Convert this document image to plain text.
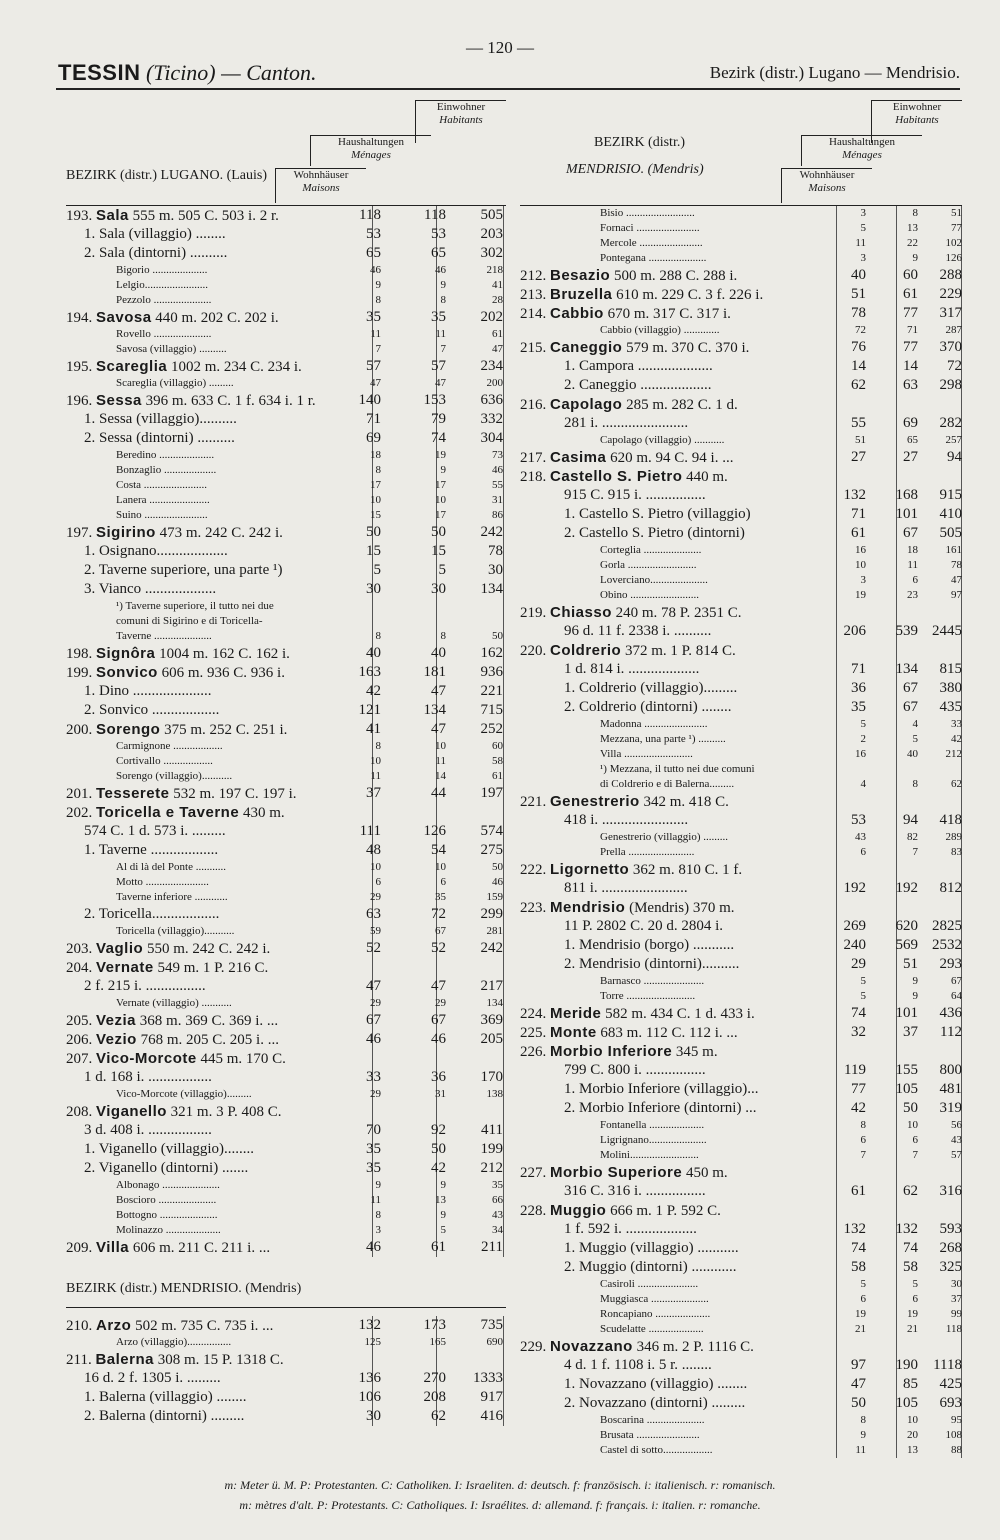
— 120 —
TESSIN (Ticino) — Canton.	Bezirk (distr.) Lugano — Mendrisio.
Einwohner
Habitants
Haushaltungen
Ménages
Wohnhäuser
Maisons
BEZIRK (distr.) LUGANO. (Lauis)
193. Sala 555 m. 505 C. 503 i. 2 r.	118	118 505
1. Sala (villaggio) ........	53	53 203
2. Sala (dintorni) ..........	65	65 302
Bigorio ....................	46	46	218
Lelgio.......................	9	9	41
Pezzolo .....................	8	8	28
194. Savosa 440 m. 202 C. 202 i.	35	35 202
Rovello .....................	11	11	61
Savosa (villaggio) ..........	7	7	47
195. Scareglia 1002 m. 234 C. 234 i.	57	57 234
Scareglia (villaggio) .........	47	47	200
196. Sessa 396 m. 633 C. 1 f. 634 i. 1 r.	140	153 636
1. Sessa (villaggio)..........	71	79 332
2. Sessa (dintorni) ..........	69	74 304
Beredino ....................	18	19	73
Bonzaglio ...................	8	9	46
Costa .......................	17	17	55
Lanera ......................	10	10	31
Suino .......................	15	17	86
197. Sigirino 473 m. 242 C. 242 i.	50	50 242
1. Osignano...................	15	15	78
2. Taverne superiore, una parte ¹)	5	5	30
3. Vianco ...................	30	30 134
¹) Taverne superiore, il tutto nei due
comuni di Sigirino e di Toricella-
Taverne .....................	8	8	50
198. Signôra 1004 m. 162 C. 162 i.	40	40 162
199. Sonvico 606 m. 936 C. 936 i.	163	181 936
1. Dino .....................	42	47 221
2. Sonvico ..................	121	134 715
200. Sorengo 375 m. 252 C. 251 i.	41	47 252
Carmignone ..................	8	10	60
Cortivallo ..................	10	11	58
Sorengo (villaggio)...........	11	14	61
201. Tesserete 532 m. 197 C. 197 i.	37	44 197
202. Toricella e Taverne 430 m.
574 C. 1 d. 573 i. .........	111	126 574
1. Taverne ..................	48	54 275
Al di là del Ponte ...........	10	10	50
Motto .......................	6	6	46
Taverne inferiore ............	29	35	159
2. Toricella..................	63	72 299
Toricella (villaggio)...........	59	67	281
203. Vaglio 550 m. 242 C. 242 i.	52	52 242
204. Vernate 549 m. 1 P. 216 C.
2 f. 215 i. ................	47	47 217
Vernate (villaggio) ...........	29	29	134
205. Vezia 368 m. 369 C. 369 i. ...	67	67 369
206. Vezio 768 m. 205 C. 205 i. ...	46	46 205
207. Vico-Morcote 445 m. 170 C.
1 d. 168 i. .................	33	36 170
Vico-Morcote (villaggio).........	29	31	138
208. Viganello 321 m. 3 P. 408 C.
3 d. 408 i. .................	70	92 411
1. Viganello (villaggio)........	35	50 199
2. Viganello (dintorni) .......	35	42 212
Albonago .....................	9	9	35
Bosciorо .....................	11	13	66
Bottogno .....................	8	9	43
Molinazzo ....................	3	5	34
209. Villa 606 m. 211 C. 211 i. ...	46	61 211
BEZIRK (distr.) MENDRISIO. (Mendris)
210. Arzo 502 m. 735 C. 735 i. ...	132	173 735
Arzo (villaggio)................	125	165	690
211. Balerna 308 m. 15 P. 1318 C.
16 d. 2 f. 1305 i. .........	136	270 1333
1. Balerna (villaggio) ........	106	208 917
2. Balerna (dintorni) .........	30	62 416
Einwohner
Habitants
Haushaltungen
Ménages
Wohnhäuser
Maisons
BEZIRK (distr.)
MENDRISIO. (Mendris)
Bisio .........................	3	8	51
Fornaci .......................	5	13	77
Mercole .......................	11	22	102
Pontegana .....................	3	9	126
212. Besazio 500 m. 288 C. 288 i.	40 60 288
213. Bruzella 610 m. 229 C. 3 f. 226 i.	51 61 229
214. Cabbio 670 m. 317 C. 317 i.	78 77 317
Cabbio (villaggio) .............	72	71	287
215. Caneggio 579 m. 370 C. 370 i.	76 77 370
1. Campora ....................	14 14 72
2. Caneggio ...................	62 63 298
216. Capolago 285 m. 282 C. 1 d.
281 i. .......................	55 69 282
Capolago (villaggio) ...........	51	65	257
217. Casima 620 m. 94 C. 94 i. ...	27 27 94
218. Castello S. Pietro 440 m.
915 C. 915 i. ................	132 168 915
1. Castello S. Pietro (villaggio)	71 101 410
2. Castello S. Pietro (dintorni)	61 67 505
Corteglia .....................	16	18	161
Gorla .........................	10	11	78
Loverciano.....................	3	6	47
Obino .........................	19	23	97
219. Chiasso 240 m. 78 P. 2351 C.
96 d. 11 f. 2338 i. ..........	206 539 2445
220. Coldrerio 372 m. 1 P. 814 C.
1 d. 814 i. ...................	71 134 815
1. Coldrerio (villaggio).........	36 67 380
2. Coldrerio (dintorni) ........	35 67 435
Madonna .......................	5	4	33
Mezzana, una parte ¹) ..........	2	5	42
Villa .........................	16	40	212
¹) Mezzana, il tutto nei due comuni
di Coldrerio e di Balerna.........	4	8	62
221. Genestrerio 342 m. 418 C.
418 i. .......................	53 94 418
Genestrerio (villaggio) .........	43	82	289
Prella ........................	6	7	83
222. Ligornetto 362 m. 810 C. 1 f.
811 i. .......................	192 192 812
223. Mendrisio (Mendris) 370 m.
11 P. 2802 C. 20 d. 2804 i.	269 620 2825
1. Mendrisio (borgo) ...........	240 569 2532
2. Mendrisio (dintorni)..........	29 51 293
Barnasco ......................	5	9	67
Torre .........................	5	9	64
224. Meride 582 m. 434 C. 1 d. 433 i.	74 101 436
225. Monte 683 m. 112 C. 112 i. ...	32 37 112
226. Morbio Inferiore 345 m.
799 C. 800 i. ................	119 155 800
1. Morbio Inferiore (villaggio)...	77 105 481
2. Morbio Inferiore (dintorni) ...	42 50 319
Fontanella ....................	8	10	56
Ligrignano.....................	6	6	43
Molini.........................	7	7	57
227. Morbio Superiore 450 m.
316 C. 316 i. ................	61 62 316
228. Muggio 666 m. 1 P. 592 C.
1 f. 592 i. ...................	132 132 593
1. Muggio (villaggio) ...........	74 74 268
2. Muggio (dintorni) ............	58 58 325
Casiroli ......................	5	5	30
Muggiasca .....................	6	6	37
Roncapiano ....................	19	19	99
Scudelatte ....................	21	21	118
229. Novazzano 346 m. 2 P. 1116 C.
4 d. 1 f. 1108 i. 5 r. ........	97 190 1118
1. Novazzano (villaggio) ........	47 85 425
2. Novazzano (dintorni) .........	50 105 693
Boscarina .....................	8	10	95
Brusata .......................	9	20	108
Castel di sotto..................	11	13	88
m: Meter ü. M. P: Protestanten. C: Catholiken. I: Israeliten. d: deutsch. f: französisch. i: italienisch. r: romanisch.
m: mètres d'alt. P: Protestants. C: Catholiques. I: Israélites. d: allemand. f: français. i: italien. r: romanche.
